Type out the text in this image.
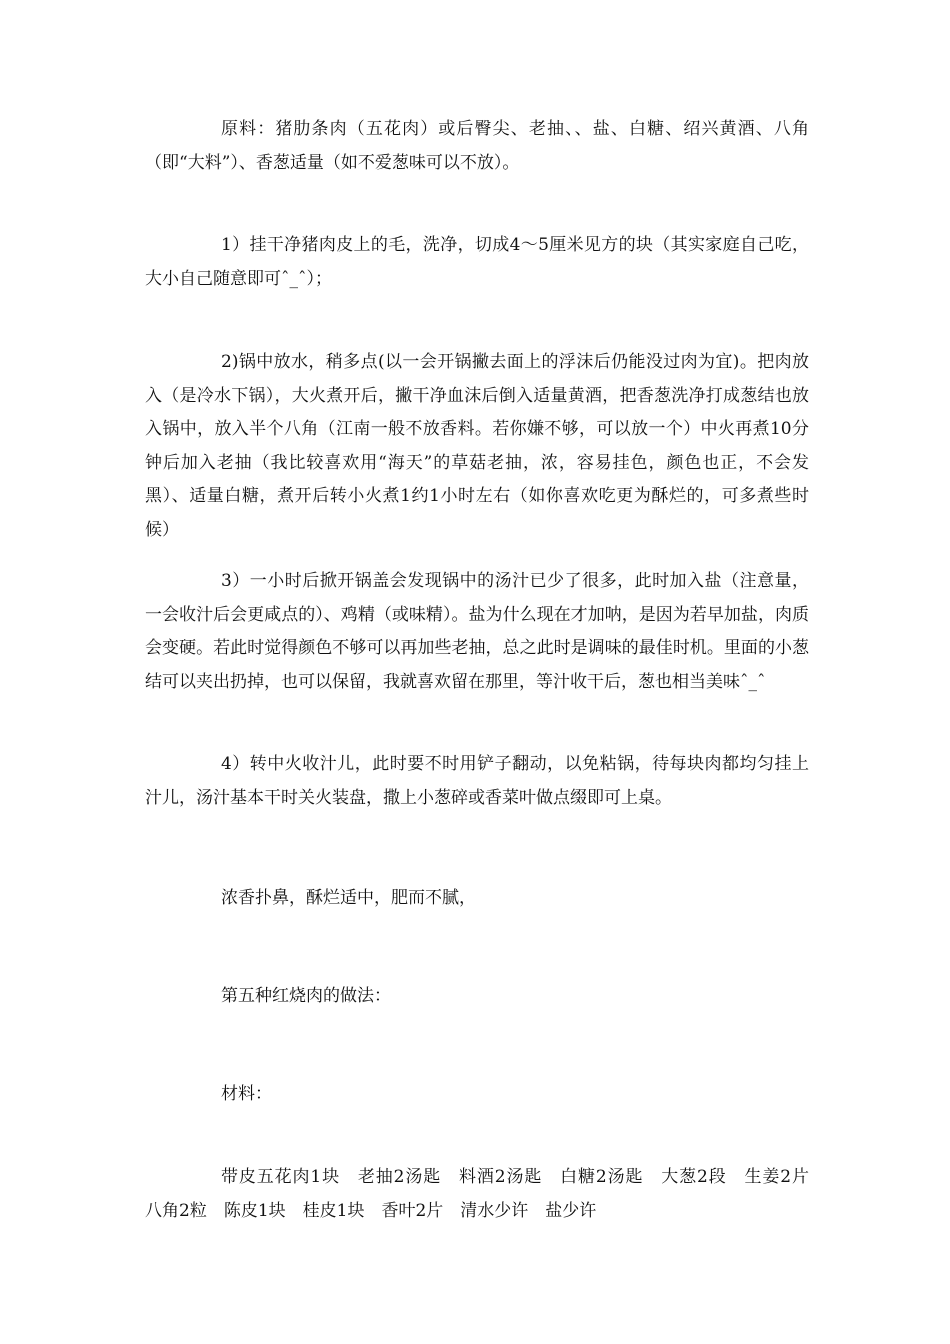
原料：猪肋条肉（五花肉）或后臀尖、老抽、、盐、白糖、绍兴黄酒、八角（即“大料”）、香葱适量（如不爱葱味可以不放）。

1）挂干净猪肉皮上的毛，洗净，切成4～5厘米见方的块（其实家庭自己吃，大小自己随意即可ˆ_ˆ）；

2)锅中放水，稍多点(以一会开锅撇去面上的浮沫后仍能没过肉为宜)。把肉放入（是冷水下锅），大火煮开后，撇干净血沫后倒入适量黄酒，把香葱洗净打成葱结也放入锅中，放入半个八角（江南一般不放香料。若你嫌不够，可以放一个）中火再煮10分钟后加入老抽（我比较喜欢用“海天”的草菇老抽，浓，容易挂色，颜色也正，不会发黑）、适量白糖，煮开后转小火煮1约1小时左右（如你喜欢吃更为酥烂的，可多煮些时候）

3）一小时后掀开锅盖会发现锅中的汤汁已少了很多，此时加入盐（注意量，一会收汁后会更咸点的）、鸡精（或味精）。盐为什么现在才加呐，是因为若早加盐，肉质会变硬。若此时觉得颜色不够可以再加些老抽，总之此时是调味的最佳时机。里面的小葱结可以夹出扔掉，也可以保留，我就喜欢留在那里，等汁收干后，葱也相当美味ˆ_ˆ

4）转中火收汁儿，此时要不时用铲子翻动，以免粘锅，待每块肉都均匀挂上汁儿，汤汁基本干时关火装盘，撒上小葱碎或香菜叶做点缀即可上桌。

浓香扑鼻，酥烂适中，肥而不腻，

第五种红烧肉的做法：

材料：

带皮五花肉1块　老抽2汤匙　料酒2汤匙　白糖2汤匙　大葱2段　生姜2片　八角2粒　陈皮1块　桂皮1块　香叶2片　清水少许　盐少许
